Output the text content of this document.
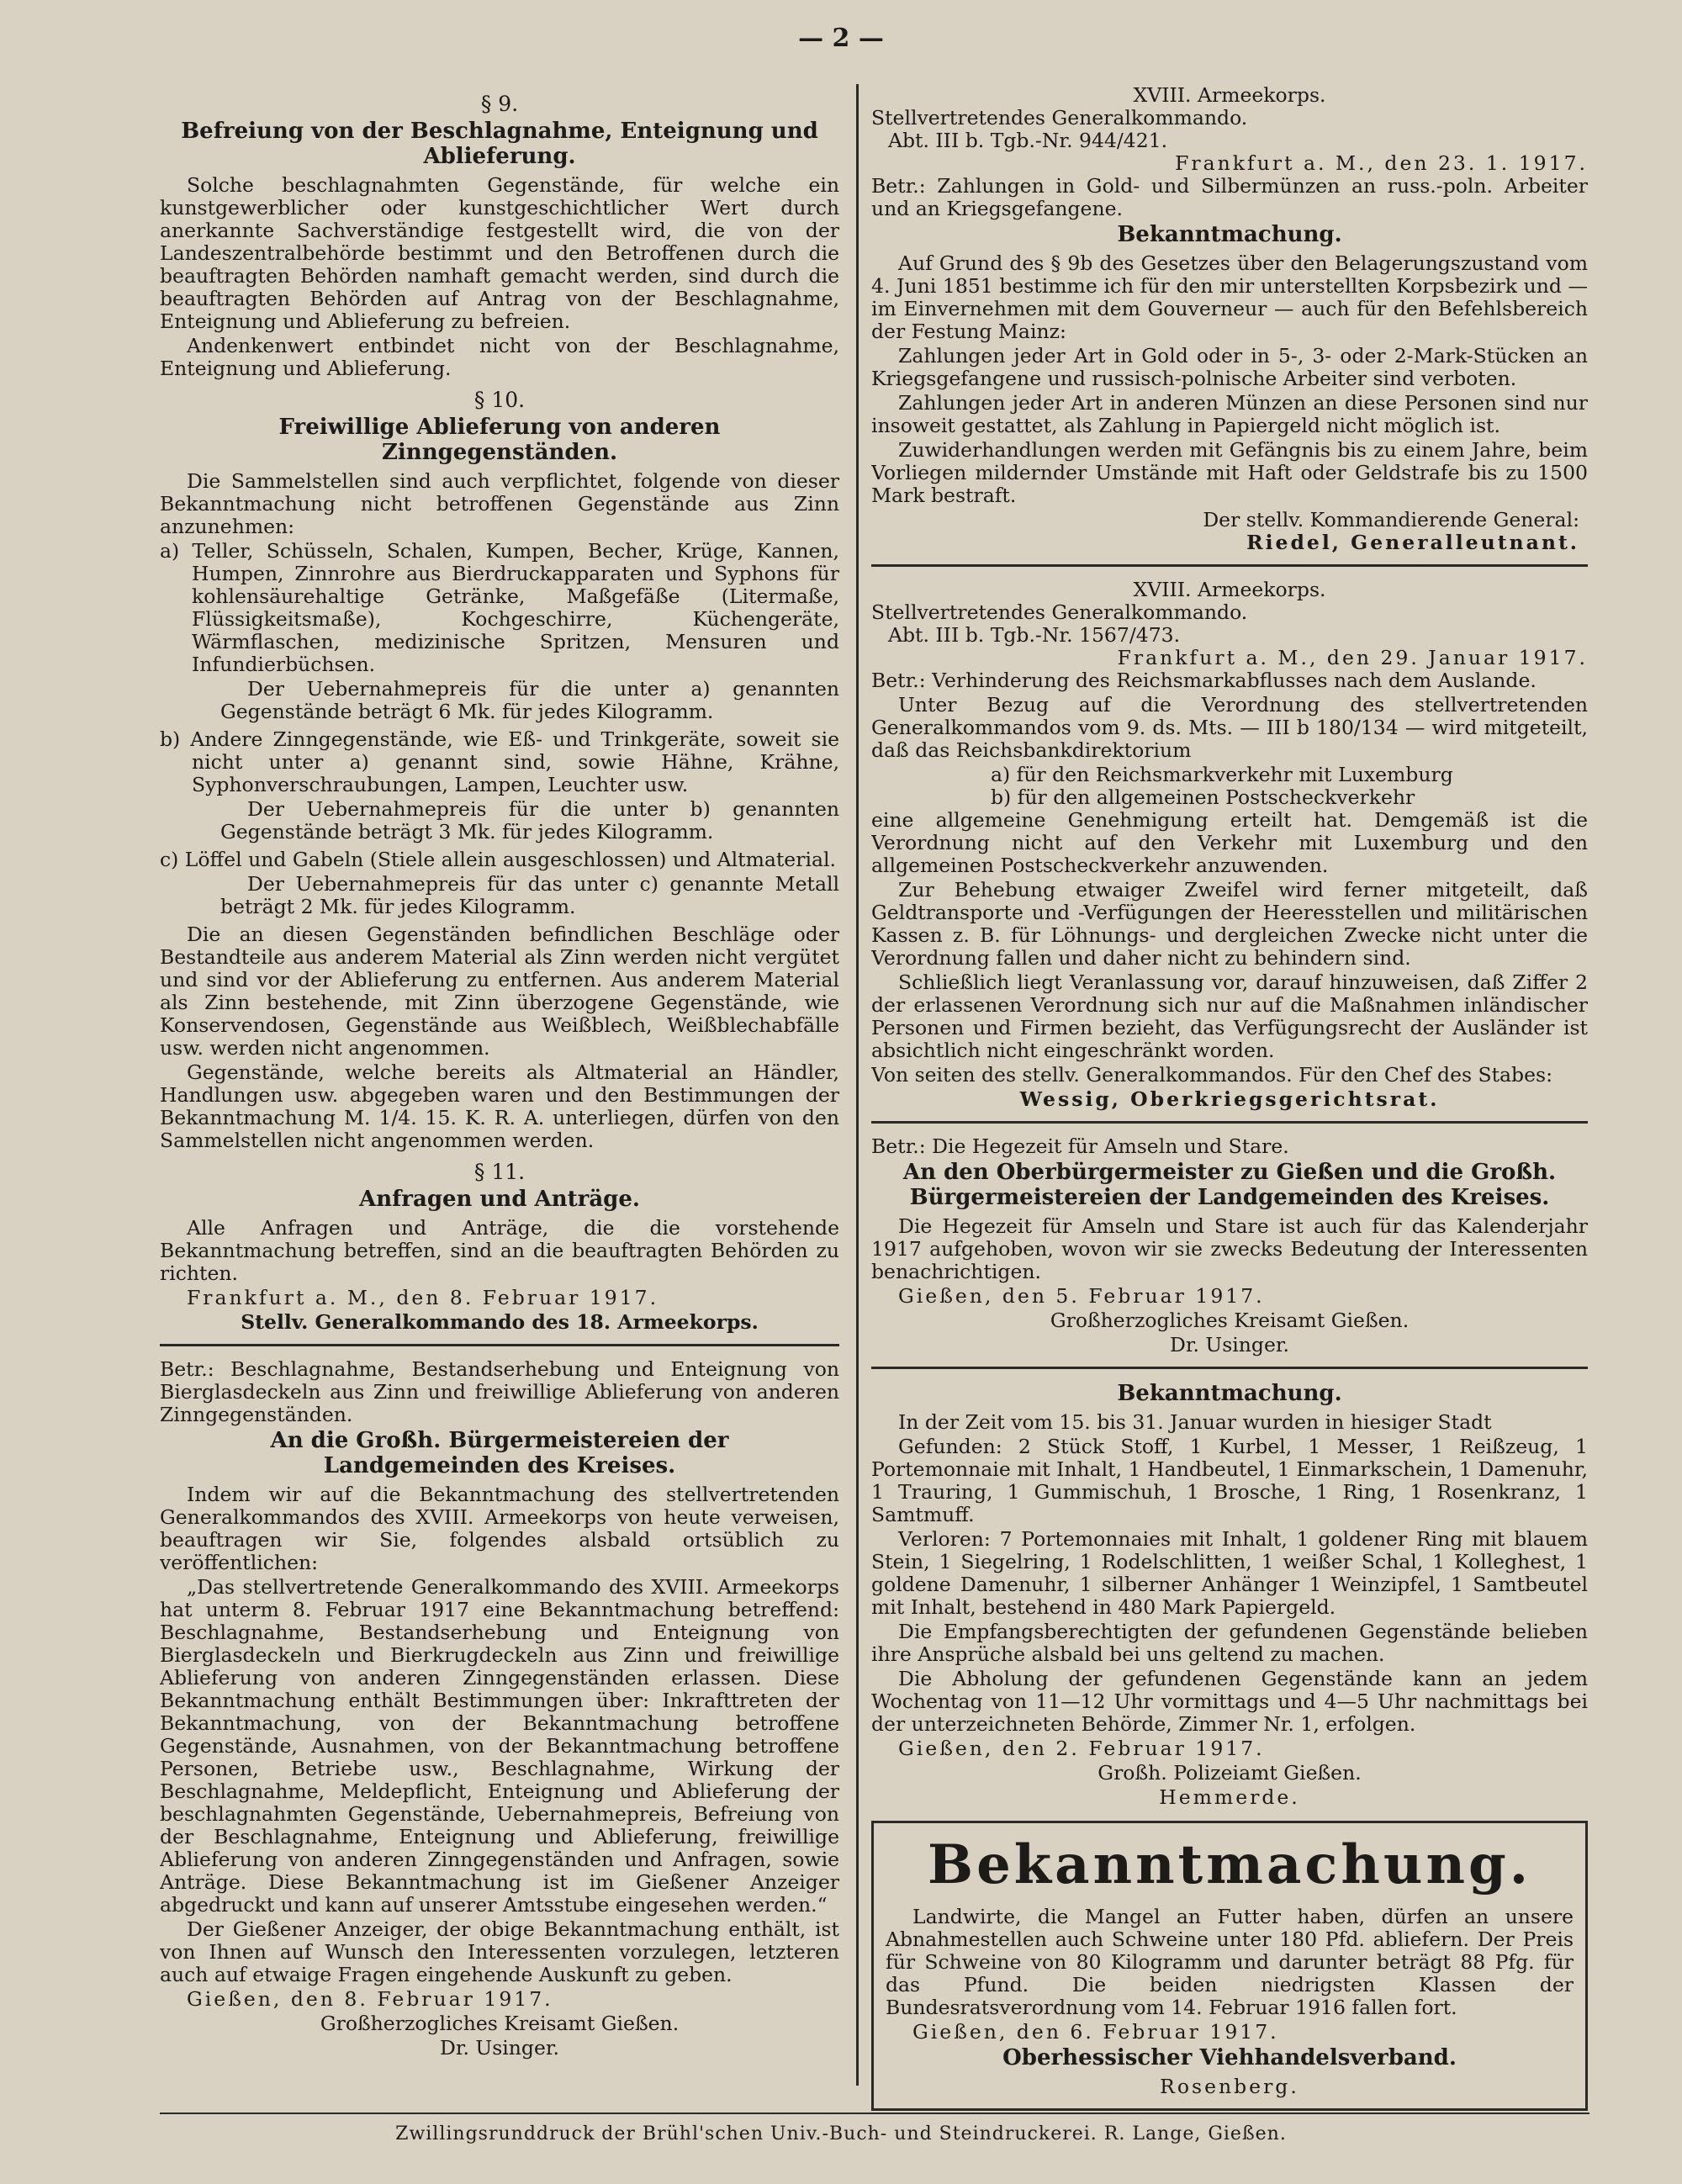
— 2 —
§ 9.
Befreiung von der Beschlagnahme, Enteignung und Ablieferung.

Solche beschlagnahmten Gegenstände, für welche ein kunstgewerblicher oder kunstgeschichtlicher Wert durch anerkannte Sachverständige festgestellt wird, die von der Landeszentralbehörde bestimmt und den Betroffenen durch die beauftragten Behörden namhaft gemacht werden, sind durch die beauftragten Behörden auf Antrag von der Beschlagnahme, Enteignung und Ablieferung zu befreien.

Andenkenwert entbindet nicht von der Beschlagnahme, Enteignung und Ablieferung.

§ 10.
Freiwillige Ablieferung von anderen Zinngegenständen.

Die Sammelstellen sind auch verpflichtet, folgende von dieser Bekanntmachung nicht betroffenen Gegenstände aus Zinn anzunehmen:

a) Teller, Schüsseln, Schalen, Kumpen, Becher, Krüge, Kannen, Humpen, Zinnrohre aus Bierdruckapparaten und Syphons für kohlensäurehaltige Getränke, Maßgefäße (Litermaße, Flüssigkeitsmaße), Kochgeschirre, Küchengeräte, Wärmflaschen, medizinische Spritzen, Mensuren und Infundierbüchsen.
Der Uebernahmepreis für die unter a) genannten Gegenstände beträgt 6 Mk. für jedes Kilogramm.
b) Andere Zinngegenstände, wie Eß- und Trinkgeräte, soweit sie nicht unter a) genannt sind, sowie Hähne, Krähne, Syphonverschraubungen, Lampen, Leuchter usw.
Der Uebernahmepreis für die unter b) genannten Gegenstände beträgt 3 Mk. für jedes Kilogramm.
c) Löffel und Gabeln (Stiele allein ausgeschlossen) und Altmaterial.
Der Uebernahmepreis für das unter c) genannte Metall beträgt 2 Mk. für jedes Kilogramm.

Die an diesen Gegenständen befindlichen Beschläge oder Bestandteile aus anderem Material als Zinn werden nicht vergütet und sind vor der Ablieferung zu entfernen. Aus anderem Material als Zinn bestehende, mit Zinn überzogene Gegenstände, wie Konservendosen, Gegenstände aus Weißblech, Weißblechabfälle usw. werden nicht angenommen.

Gegenstände, welche bereits als Altmaterial an Händler, Handlungen usw. abgegeben waren und den Bestimmungen der Bekanntmachung M. 1/4. 15. K. R. A. unterliegen, dürfen von den Sammelstellen nicht angenommen werden.

§ 11.
Anfragen und Anträge.

Alle Anfragen und Anträge, die die vorstehende Bekanntmachung betreffen, sind an die beauftragten Behörden zu richten.

Frankfurt a. M., den 8. Februar 1917.

Stellv. Generalkommando des 18. Armeekorps.

Betr.: Beschlagnahme, Bestandserhebung und Enteignung von Bierglasdeckeln aus Zinn und freiwillige Ablieferung von anderen Zinngegenständen.

An die Großh. Bürgermeistereien der Landgemeinden des Kreises.

Indem wir auf die Bekanntmachung des stellvertretenden Generalkommandos des XVIII. Armeekorps von heute verweisen, beauftragen wir Sie, folgendes alsbald ortsüblich zu veröffentlichen:

„Das stellvertretende Generalkommando des XVIII. Armeekorps hat unterm 8. Februar 1917 eine Bekanntmachung betreffend: Beschlagnahme, Bestandserhebung und Enteignung von Bierglasdeckeln und Bierkrugdeckeln aus Zinn und freiwillige Ablieferung von anderen Zinngegenständen erlassen. Diese Bekanntmachung enthält Bestimmungen über: Inkrafttreten der Bekanntmachung, von der Bekanntmachung betroffene Gegenstände, Ausnahmen, von der Bekanntmachung betroffene Personen, Betriebe usw., Beschlagnahme, Wirkung der Beschlagnahme, Meldepflicht, Enteignung und Ablieferung der beschlagnahmten Gegenstände, Uebernahmepreis, Befreiung von der Beschlagnahme, Enteignung und Ablieferung, freiwillige Ablieferung von anderen Zinngegenständen und Anfragen, sowie Anträge. Diese Bekanntmachung ist im Gießener Anzeiger abgedruckt und kann auf unserer Amtsstube eingesehen werden.“

Der Gießener Anzeiger, der obige Bekanntmachung enthält, ist von Ihnen auf Wunsch den Interessenten vorzulegen, letzteren auch auf etwaige Fragen eingehende Auskunft zu geben.

Gießen, den 8. Februar 1917.

Großherzogliches Kreisamt Gießen.
Dr. Usinger.
XVIII. Armeekorps.

Stellvertretendes Generalkommando.

Abt. III b. Tgb.-Nr. 944/421.

Frankfurt a. M., den 23. 1. 1917.

Betr.: Zahlungen in Gold- und Silbermünzen an russ.-poln. Arbeiter und an Kriegsgefangene.

Bekanntmachung.

Auf Grund des § 9b des Gesetzes über den Belagerungszustand vom 4. Juni 1851 bestimme ich für den mir unterstellten Korpsbezirk und — im Einvernehmen mit dem Gouverneur — auch für den Befehlsbereich der Festung Mainz:

Zahlungen jeder Art in Gold oder in 5-, 3- oder 2-Mark-Stücken an Kriegsgefangene und russisch-polnische Arbeiter sind verboten.

Zahlungen jeder Art in anderen Münzen an diese Personen sind nur insoweit gestattet, als Zahlung in Papiergeld nicht möglich ist.

Zuwiderhandlungen werden mit Gefängnis bis zu einem Jahre, beim Vorliegen mildernder Umstände mit Haft oder Geldstrafe bis zu 1500 Mark bestraft.

Der stellv. Kommandierende General:
Riedel, Generalleutnant.
XVIII. Armeekorps.

Stellvertretendes Generalkommando.

Abt. III b. Tgb.-Nr. 1567/473.

Frankfurt a. M., den 29. Januar 1917.

Betr.: Verhinderung des Reichsmarkabflusses nach dem Auslande.

Unter Bezug auf die Verordnung des stellvertretenden Generalkommandos vom 9. ds. Mts. — III b 180/134 — wird mitgeteilt, daß das Reichsbankdirektorium

a) für den Reichsmarkverkehr mit Luxemburg

b) für den allgemeinen Postscheckverkehr

eine allgemeine Genehmigung erteilt hat. Demgemäß ist die Verordnung nicht auf den Verkehr mit Luxemburg und den allgemeinen Postscheckverkehr anzuwenden.

Zur Behebung etwaiger Zweifel wird ferner mitgeteilt, daß Geldtransporte und -Verfügungen der Heeresstellen und militärischen Kassen z. B. für Löhnungs- und dergleichen Zwecke nicht unter die Verordnung fallen und daher nicht zu behindern sind.

Schließlich liegt Veranlassung vor, darauf hinzuweisen, daß Ziffer 2 der erlassenen Verordnung sich nur auf die Maßnahmen inländischer Personen und Firmen bezieht, das Verfügungsrecht der Ausländer ist absichtlich nicht eingeschränkt worden.

Von seiten des stellv. Generalkommandos. Für den Chef des Stabes:

Wessig, Oberkriegsgerichtsrat.

Betr.: Die Hegezeit für Amseln und Stare.

An den Oberbürgermeister zu Gießen und die Großh. Bürgermeistereien der Landgemeinden des Kreises.

Die Hegezeit für Amseln und Stare ist auch für das Kalenderjahr 1917 aufgehoben, wovon wir sie zwecks Bedeutung der Interessenten benachrichtigen.

Gießen, den 5. Februar 1917.

Großherzogliches Kreisamt Gießen.
Dr. Usinger.
Bekanntmachung.

In der Zeit vom 15. bis 31. Januar wurden in hiesiger Stadt

Gefunden: 2 Stück Stoff, 1 Kurbel, 1 Messer, 1 Reißzeug, 1 Portemonnaie mit Inhalt, 1 Handbeutel, 1 Einmarkschein, 1 Damenuhr, 1 Trauring, 1 Gummischuh, 1 Brosche, 1 Ring, 1 Rosenkranz, 1 Samtmuff.

Verloren: 7 Portemonnaies mit Inhalt, 1 goldener Ring mit blauem Stein, 1 Siegelring, 1 Rodelschlitten, 1 weißer Schal, 1 Kolleghest, 1 goldene Damenuhr, 1 silberner Anhänger 1 Weinzipfel, 1 Samtbeutel mit Inhalt, bestehend in 480 Mark Papiergeld.

Die Empfangsberechtigten der gefundenen Gegenstände belieben ihre Ansprüche alsbald bei uns geltend zu machen.

Die Abholung der gefundenen Gegenstände kann an jedem Wochentag von 11—12 Uhr vormittags und 4—5 Uhr nachmittags bei der unterzeichneten Behörde, Zimmer Nr. 1, erfolgen.

Gießen, den 2. Februar 1917.

Großh. Polizeiamt Gießen.
Hemmerde.
Bekanntmachung.

Landwirte, die Mangel an Futter haben, dürfen an unsere Abnahmestellen auch Schweine unter 180 Pfd. abliefern. Der Preis für Schweine von 80 Kilogramm und darunter beträgt 88 Pfg. für das Pfund. Die beiden niedrigsten Klassen der Bundesratsverordnung vom 14. Februar 1916 fallen fort.

Gießen, den 6. Februar 1917.

Oberhessischer Viehhandelsverband.
Rosenberg.
Zwillingsrunddruck der Brühl'schen Univ.-Buch- und Steindruckerei. R. Lange, Gießen.
